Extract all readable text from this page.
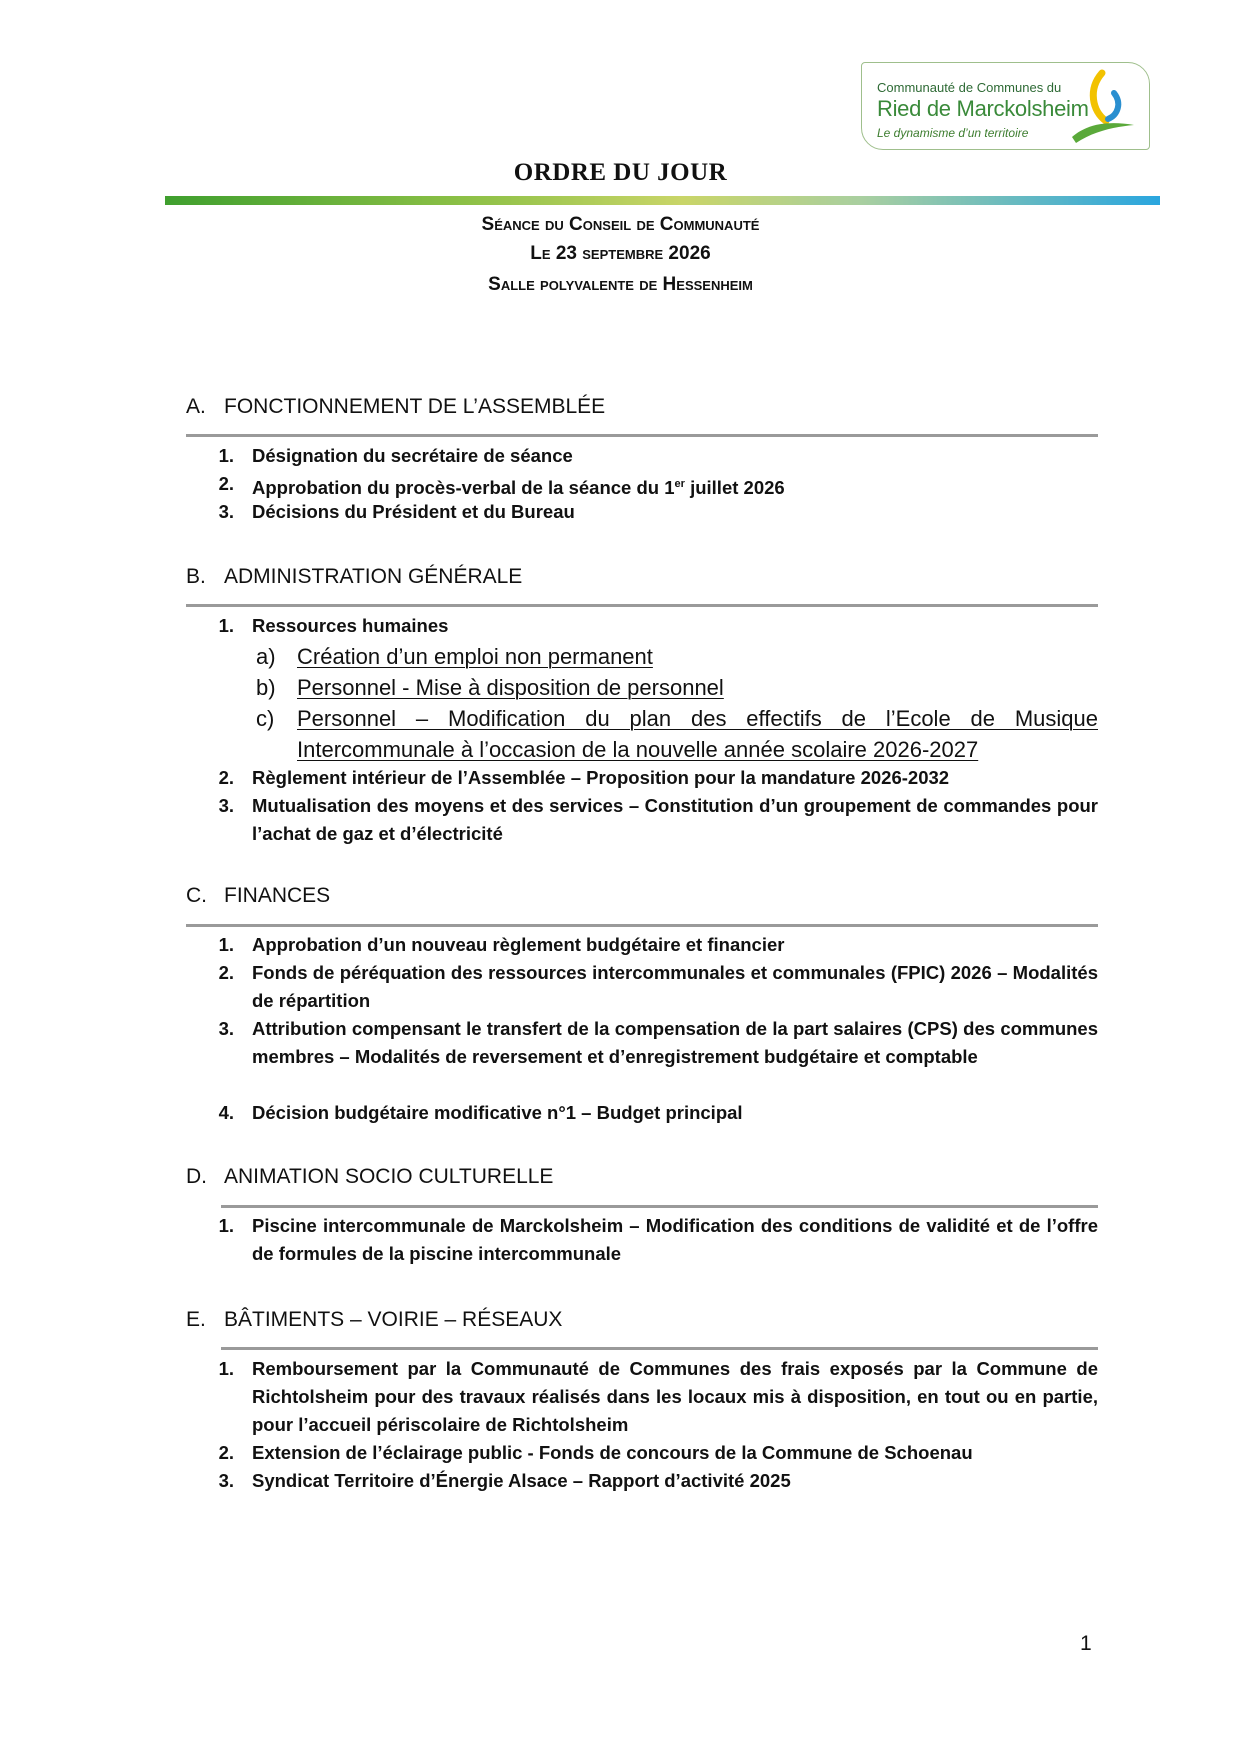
Communauté de Communes du
Ried de Marckolsheim
Le dynamisme d’un territoire
ORDRE DU JOUR
Séance du Conseil de Communauté
Le 23 septembre 2026
Salle polyvalente de Hessenheim
A. FONCTIONNEMENT DE L’ASSEMBLÉE
1. Désignation du secrétaire de séance
2. Approbation du procès-verbal de la séance du 1er juillet 2026
3. Décisions du Président et du Bureau
B. ADMINISTRATION GÉNÉRALE
1. Ressources humaines
a) Création d’un emploi non permanent
b) Personnel - Mise à disposition de personnel
c) Personnel – Modification du plan des effectifs de l’Ecole de Musique Intercommunale à l’occasion de la nouvelle année scolaire 2026-2027
2. Règlement intérieur de l’Assemblée – Proposition pour la mandature 2026-2032
3. Mutualisation des moyens et des services – Constitution d’un groupement de commandes pour l’achat de gaz et d’électricité
C. FINANCES
1. Approbation d’un nouveau règlement budgétaire et financier
2. Fonds de péréquation des ressources intercommunales et communales (FPIC) 2026 – Modalités de répartition
3. Attribution compensant le transfert de la compensation de la part salaires (CPS) des communes membres – Modalités de reversement et d’enregistrement budgétaire et comptable
4. Décision budgétaire modificative n°1 – Budget principal
D. ANIMATION SOCIO CULTURELLE
1. Piscine intercommunale de Marckolsheim – Modification des conditions de validité et de l’offre de formules de la piscine intercommunale
E. BÂTIMENTS – VOIRIE – RÉSEAUX
1. Remboursement par la Communauté de Communes des frais exposés par la Commune de Richtolsheim pour des travaux réalisés dans les locaux mis à disposition, en tout ou en partie, pour l’accueil périscolaire de Richtolsheim
2. Extension de l’éclairage public - Fonds de concours de la Commune de Schoenau
3. Syndicat Territoire d’Énergie Alsace – Rapport d’activité 2025
1
